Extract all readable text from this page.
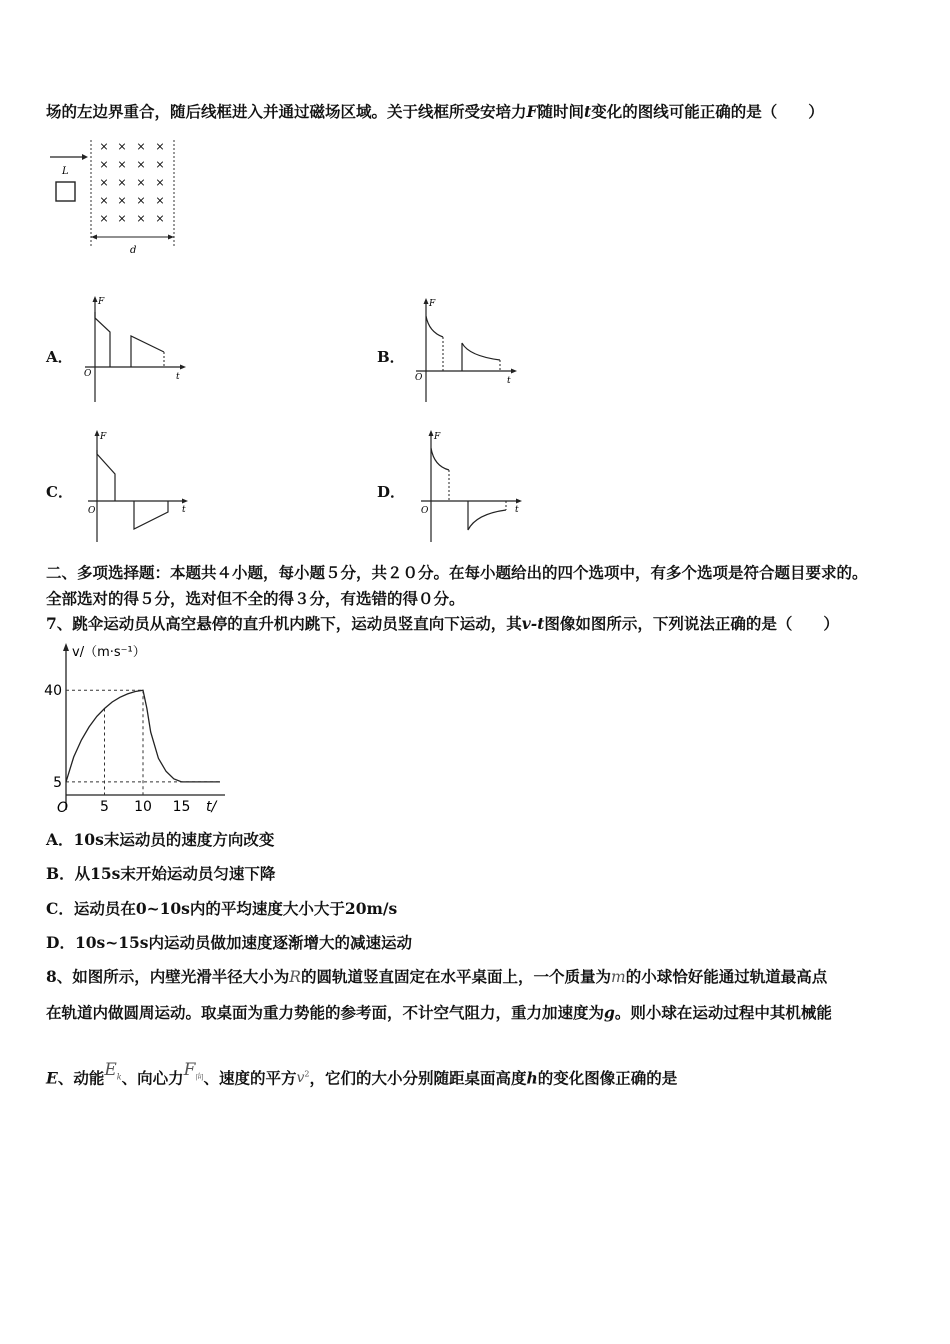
场的左边界重合，随后线框进入并通过磁场区域。关于线框所受安培力F随时间t变化的图线可能正确的是（　　）
L
× × × ×
× × × ×
× × × ×
× × × ×
× × × ×
d
A．
F
t
O
B．
F
t
O
C．
F
t
O
D．
F
t
O
二、多项选择题：本题共４小题，每小题５分，共２０分。在每小题给出的四个选项中，有多个选项是符合题目要求的。
全部选对的得５分，选对但不全的得３分，有选错的得０分。
7、跳伞运动员从高空悬停的直升机内跳下，运动员竖直向下运动，其v-t图像如图所示，下列说法正确的是（　　）
5
40
5 10 15
v/（m·s⁻¹）
t/
O
A．10s末运动员的速度方向改变
B．从15s末开始运动员匀速下降
C．运动员在0~10s内的平均速度大小大于20m/s
D．10s~15s内运动员做加速度逐渐增大的减速运动
8、如图所示，内壁光滑半径大小为R的圆轨道竖直固定在水平桌面上，一个质量为m的小球恰好能通过轨道最高点
在轨道内做圆周运动。取桌面为重力势能的参考面，不计空气阻力，重力加速度为g。则小球在运动过程中其机械能
E、动能$E_k$、向心力$F_向$、速度的平方$v^2$，它们的大小分别随距桌面高度h的变化图像正确的是
